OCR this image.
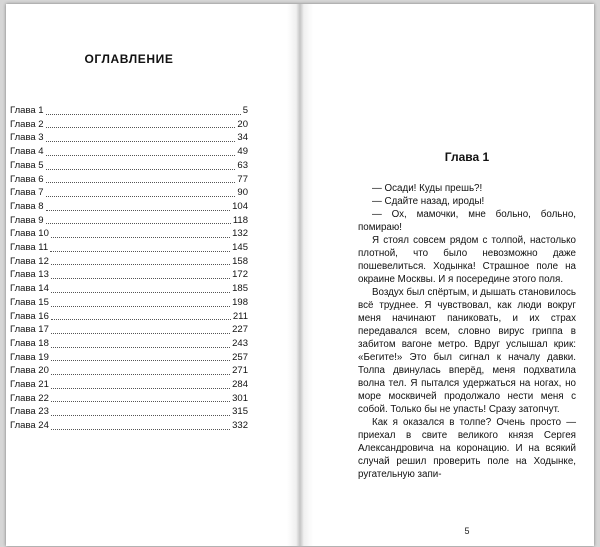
ОГЛАВЛЕНИЕ
Глава 1	5
Глава 2	20
Глава 3	34
Глава 4	49
Глава 5	63
Глава 6	77
Глава 7	90
Глава 8	104
Глава 9	118
Глава 10	132
Глава 11	145
Глава 12	158
Глава 13	172
Глава 14	185
Глава 15	198
Глава 16	211
Глава 17	227
Глава 18	243
Глава 19	257
Глава 20	271
Глава 21	284
Глава 22	301
Глава 23	315
Глава 24	332
Глава 1

— Осади! Куды прешь?!

— Сдайте назад, ироды!

— Ох, мамочки, мне больно, больно, помираю!

Я стоял совсем рядом с толпой, настолько плотной, что было невозможно даже пошевелиться. Ходынка! Страшное поле на окраине Москвы. И я посередине этого поля.

Воздух был спёртым, и дышать становилось всё труднее. Я чувствовал, как люди вокруг меня начинают паниковать, и их страх передавался всем, словно вирус гриппа в забитом вагоне метро. Вдруг услышал крик: «Бегите!» Это был сигнал к началу давки. Толпа двинулась вперёд, меня подхватила волна тел. Я пытался удержаться на ногах, но море москвичей продолжало нести меня с собой. Только бы не упасть! Сразу затопчут.

Как я оказался в толпе? Очень просто — приехал в свите великого князя Сергея Александровича на коронацию. И на всякий случай решил проверить поле на Ходынке, ругательную запи-

5
